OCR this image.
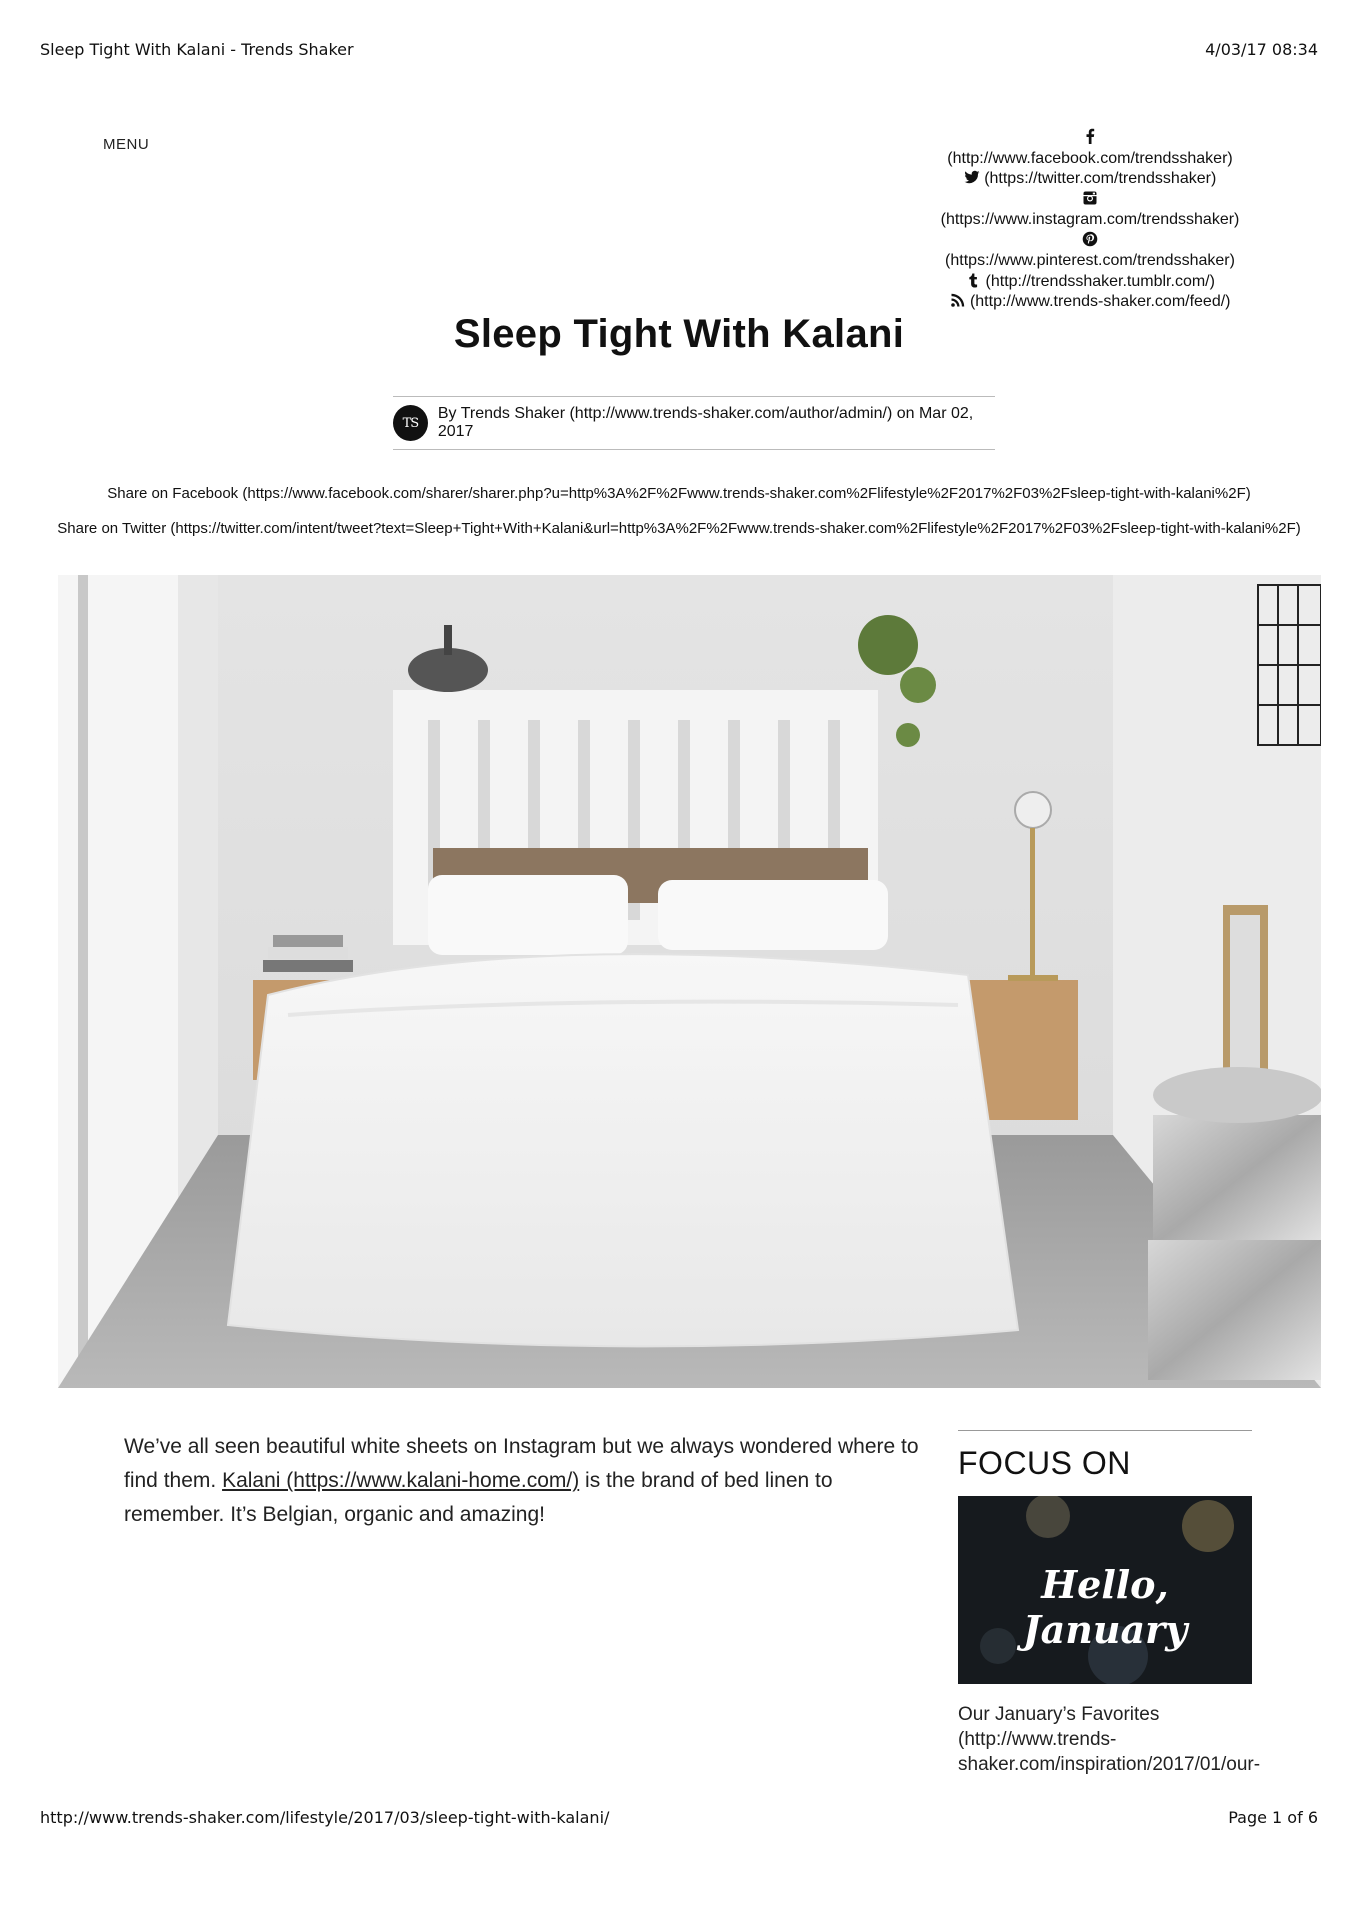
Sleep Tight With Kalani - Trends Shaker	4/03/17 08:34
MENU
(http://www.facebook.com/trendsshaker)
(https://twitter.com/trendsshaker)
(https://www.instagram.com/trendsshaker)
(https://www.pinterest.com/trendsshaker)
(http://trendsshaker.tumblr.com/)
(http://www.trends-shaker.com/feed/)
Sleep Tight With Kalani
TS
By Trends Shaker (http://www.trends-shaker.com/author/admin/) on Mar 02, 2017
Share on Facebook (https://www.facebook.com/sharer/sharer.php?u=http%3A%2F%2Fwww.trends-shaker.com%2Flifestyle%2F2017%2F03%2Fsleep-tight-with-kalani%2F)
Share on Twitter (https://twitter.com/intent/tweet?text=Sleep+Tight+With+Kalani&url=http%3A%2F%2Fwww.trends-shaker.com%2Flifestyle%2F2017%2F03%2Fsleep-tight-with-kalani%2F)
We’ve all seen beautiful white sheets on Instagram but we always wondered where to find them. Kalani (https://www.kalani-home.com/) is the brand of bed linen to remember. It’s Belgian, organic and amazing!
FOCUS ON
Hello, January
Our January’s Favorites (http://www.trends-shaker.com/inspiration/2017/01/our-
http://www.trends-shaker.com/lifestyle/2017/03/sleep-tight-with-kalani/	Page 1 of 6
